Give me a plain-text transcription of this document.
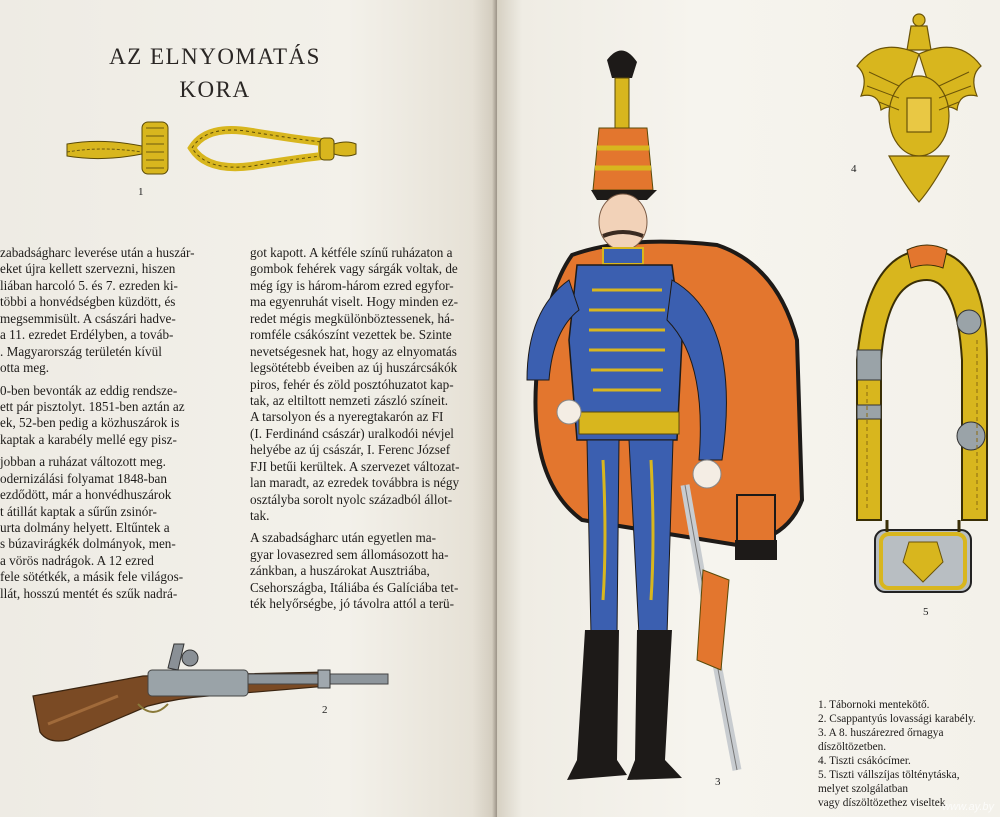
AZ ELNYOMATÁS
KORA
1
zabadságharc leverése után a huszár-
eket újra kellett szervezni, hiszen
liában harcoló 5. és 7. ezreden ki-
többi a honvédségben küzdött, és
megsemmisült. A császári hadve-
a 11. ezredet Erdélyben, a továb-
. Magyarország területén kívül
otta meg.
0-ben bevonták az eddig rendsze-
ett pár pisztolyt. 1851-ben aztán az
ek, 52-ben pedig a közhuszárok is
kaptak a karabély mellé egy pisz-
jobban a ruházat változott meg.
odernizálási folyamat 1848-ban
ezdődött, már a honvédhuszárok
t átillát kaptak a sűrűn zsinór-
urta dolmány helyett. Eltűntek a
s búzavirágkék dolmányok, men-
a vörös nadrágok. A 12 ezred
fele sötétkék, a másik fele világos-
llát, hosszú mentét és szűk nadrá-
got kapott. A kétféle színű ruházaton a
gombok fehérek vagy sárgák voltak, de
még így is három-három ezred egyfor-
ma egyenruhát viselt. Hogy minden ez-
redet mégis megkülönböztessenek, há-
romféle csákószínt vezettek be. Szinte
nevetségesnek hat, hogy az elnyomatás
legsötétebb éveiben az új huszárcsákók
piros, fehér és zöld posztóhuzatot kap-
tak, az eltiltott nemzeti zászló színeit.
A tarsolyon és a nyeregtakarón az FI
(I. Ferdinánd császár) uralkodói névjel
helyébe az új császár, I. Ferenc József
FJI betűi kerültek. A szervezet változat-
lan maradt, az ezredek továbbra is négy
osztályba sorolt nyolc századból állot-
tak.
A szabadságharc után egyetlen ma-
gyar lovasezred sem állomásozott ha-
zánkban, a huszárokat Ausztriába,
Csehországba, Itáliába és Galíciába tet-
ték helyőrségbe, jó távolra attól a terü-
2
3
4
5
1. Tábornoki mentekötő.
2. Csappantyús lovassági karabély.
3. A 8. huszárezred őrnagya
díszöltözetben.
4. Tiszti csákócímer.
5. Tiszti vállszíjas tölténytáska,
melyet szolgálatban
vagy díszöltözethez viseltek
www.ay.by
